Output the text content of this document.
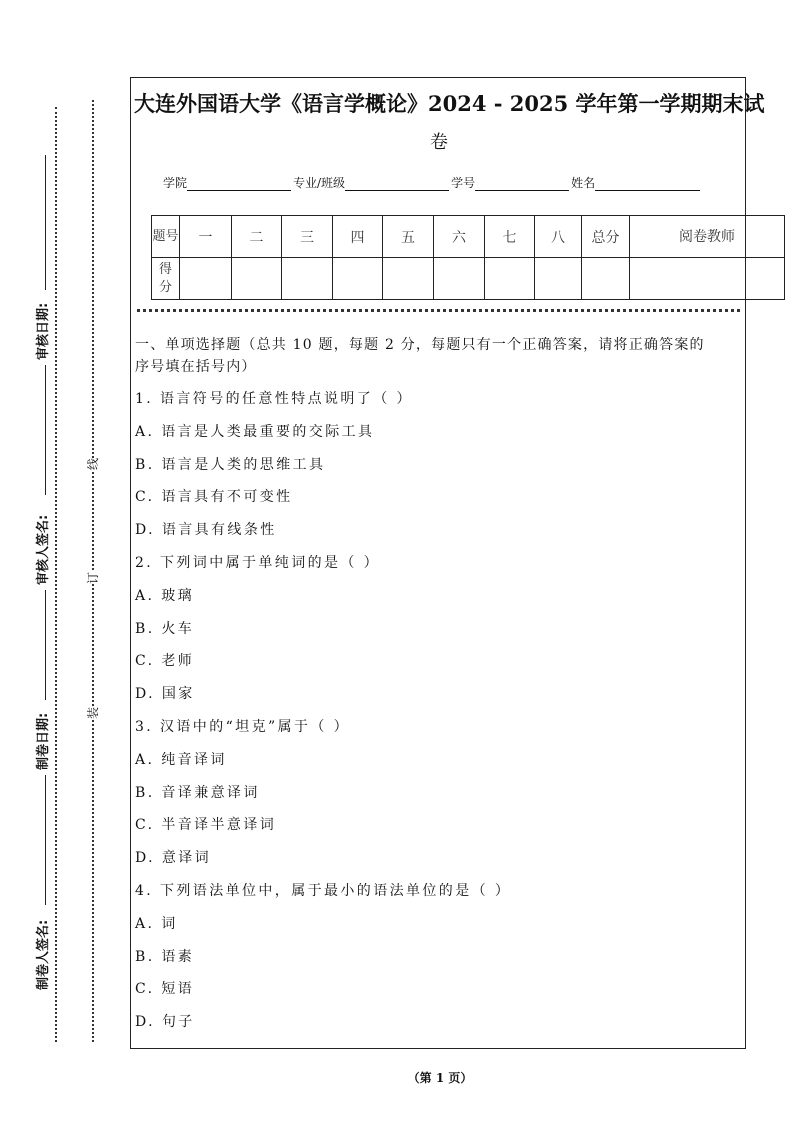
审核日期:
审核人签名:
制卷日期:
制卷人签名:
线
订
装
大连外国语大学《语言学概论》2024 - 2025 学年第一学期期末试
卷
学院	专业/班级	学号	姓名
题号	一	二	三	四	五	六	七	八	总分	阅卷教师
得分										
一、单项选择题（总共 10 题，每题 2 分，每题只有一个正确答案，请将正确答案的
序号填在括号内）
1. 语言符号的任意性特点说明了（ ）
A. 语言是人类最重要的交际工具
B. 语言是人类的思维工具
C. 语言具有不可变性
D. 语言具有线条性
2. 下列词中属于单纯词的是（ ）
A. 玻璃
B. 火车
C. 老师
D. 国家
3. 汉语中的“坦克”属于（ ）
A. 纯音译词
B. 音译兼意译词
C. 半音译半意译词
D. 意译词
4. 下列语法单位中，属于最小的语法单位的是（ ）
A. 词
B. 语素
C. 短语
D. 句子
（第 1 页）
